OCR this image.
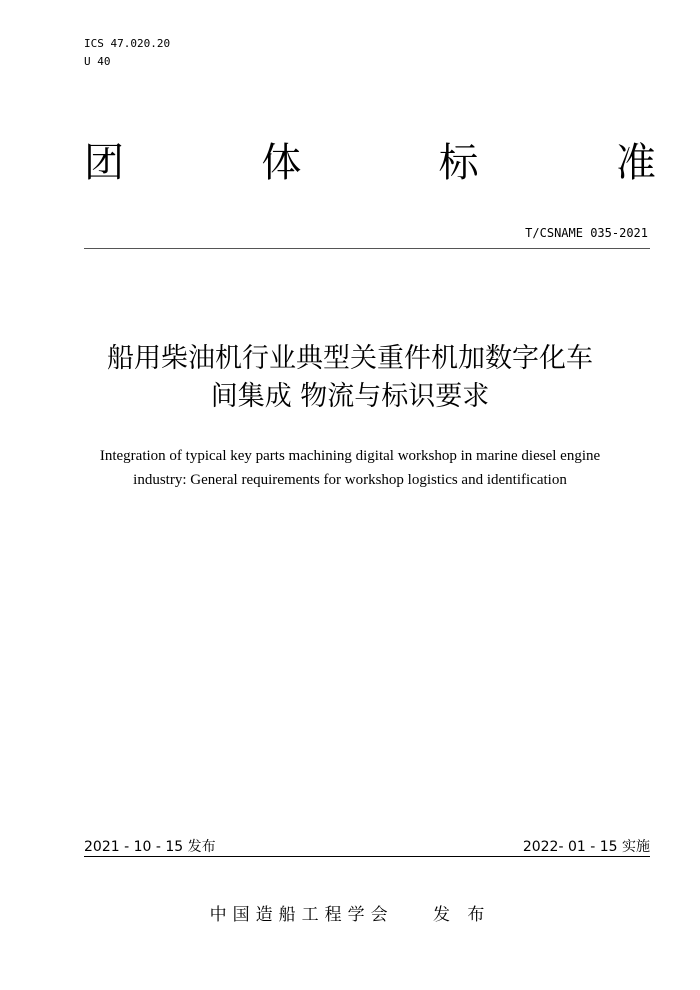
ICS 47.020.20
U 40
团	体	标	准
T/CSNAME 035-2021
船用柴油机行业典型关重件机加数字化车
间集成 物流与标识要求
Integration of typical key parts machining digital workshop in marine diesel engine
industry: General requirements for workshop logistics and identification
2021 - 10 - 15 发布	2022- 01 - 15 实施
中国造船工程学会 发 布
